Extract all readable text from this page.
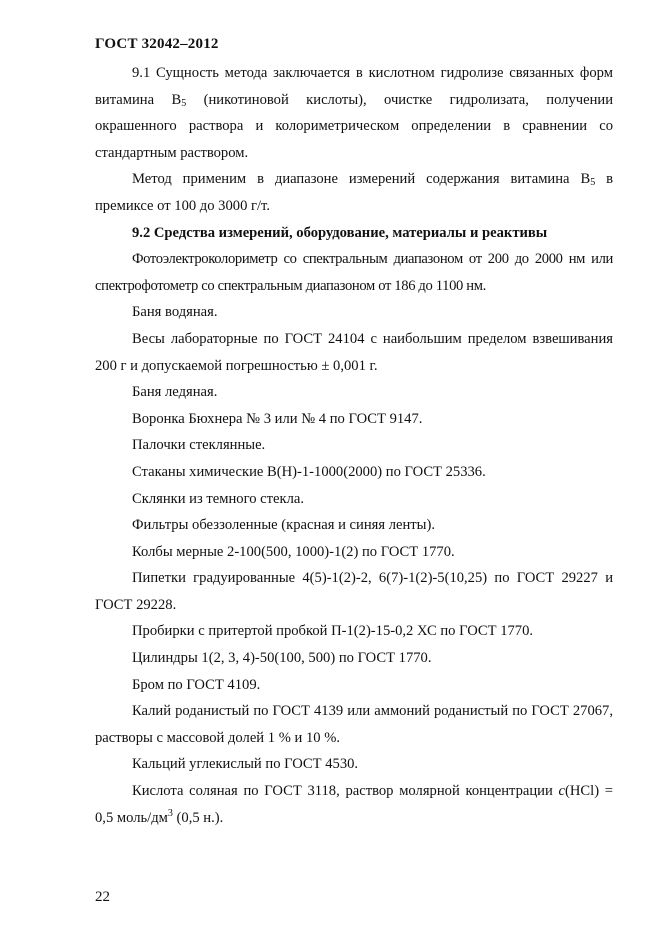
ГОСТ 32042–2012

9.1 Сущность метода заключается в кислотном гидролизе связанных форм витамина $B_5$ (никотиновой кислоты), очистке гидролизата, получении окрашенного раствора и колориметрическом определении в сравнении со стандартным раствором.

Метод применим в диапазоне измерений содержания витамина $B_5$ в премиксе от 100 до 3000 г/т.

9.2 Средства измерений, оборудование, материалы и реактивы

Фотоэлектроколориметр со спектральным диапазоном от 200 до 2000 нм или спектрофотометр со спектральным диапазоном от 186 до 1100 нм.

Баня водяная.

Весы лабораторные по ГОСТ 24104 с наибольшим пределом взвешивания 200 г и допускаемой погрешностью ± 0,001 г.

Баня ледяная.

Воронка Бюхнера № 3 или № 4 по ГОСТ 9147.

Палочки стеклянные.

Стаканы химические В(Н)-1-1000(2000) по ГОСТ 25336.

Склянки из темного стекла.

Фильтры обеззоленные (красная и синяя ленты).

Колбы мерные 2-100(500, 1000)-1(2) по ГОСТ 1770.

Пипетки градуированные 4(5)-1(2)-2, 6(7)-1(2)-5(10,25) по ГОСТ 29227 и ГОСТ 29228.

Пробирки с притертой пробкой П-1(2)-15-0,2 ХС по ГОСТ 1770.

Цилиндры 1(2, 3, 4)-50(100, 500) по ГОСТ 1770.

Бром по ГОСТ 4109.

Калий роданистый по ГОСТ 4139 или аммоний роданистый по ГОСТ 27067, растворы с массовой долей 1 % и 10 %.

Кальций углекислый по ГОСТ 4530.

Кислота соляная по ГОСТ 3118, раствор молярной концентрации c(HCl) = 0,5 моль/$дм^3$ (0,5 н.).

22
